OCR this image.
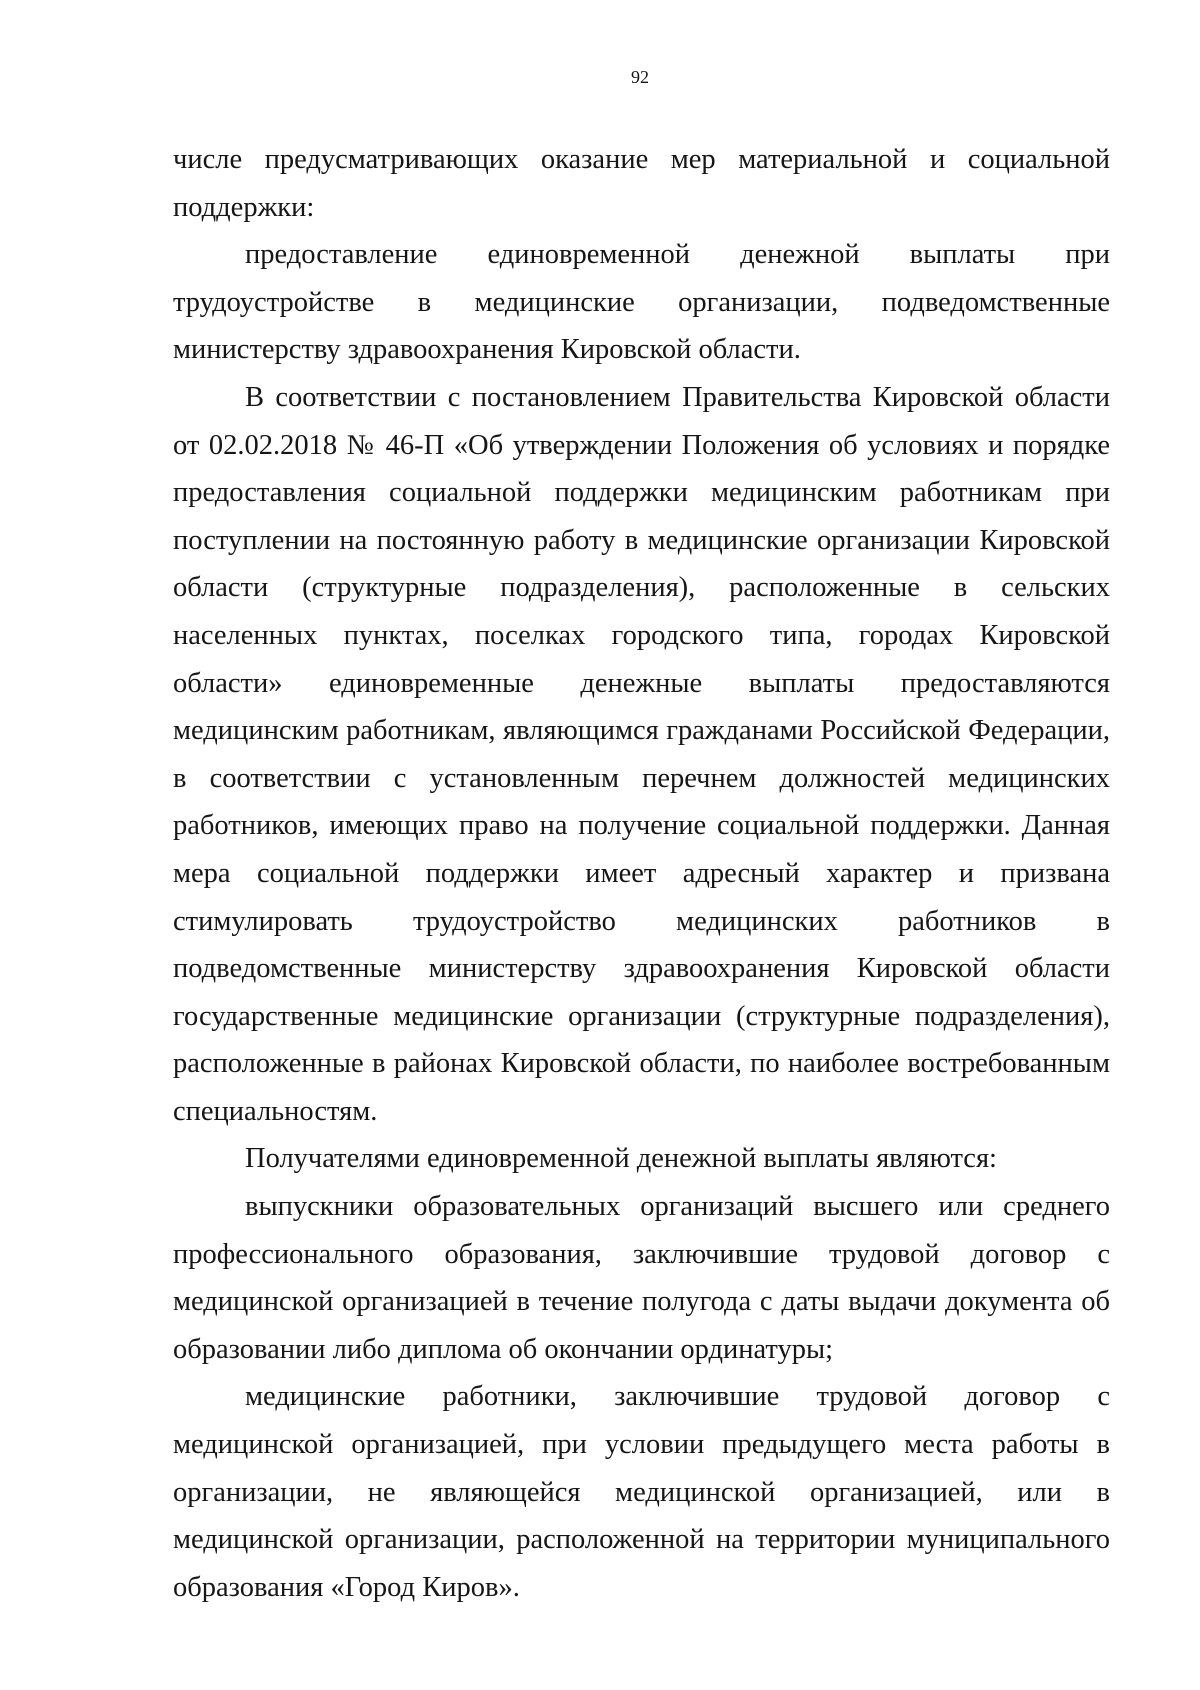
92

числе предусматривающих оказание мер материальной и социальной поддержки:

предоставление единовременной денежной выплаты при трудоустройстве в медицинские организации, подведомственные министерству здравоохранения Кировской области.

В соответствии с постановлением Правительства Кировской области от 02.02.2018 № 46-П «Об утверждении Положения об условиях и порядке предоставления социальной поддержки медицинским работникам при поступлении на постоянную работу в медицинские организации Кировской области (структурные подразделения), расположенные в сельских населенных пунктах, поселках городского типа, городах Кировской области» единовременные денежные выплаты предоставляются медицинским работникам, являющимся гражданами Российской Федерации, в соответствии с установленным перечнем должностей медицинских работников, имеющих право на получение социальной поддержки. Данная мера социальной поддержки имеет адресный характер и призвана стимулировать трудоустройство медицинских работников в подведомственные министерству здравоохранения Кировской области государственные медицинские организации (структурные подразделения), расположенные в районах Кировской области, по наиболее востребованным специальностям.

Получателями единовременной денежной выплаты являются:

выпускники образовательных организаций высшего или среднего профессионального образования, заключившие трудовой договор с медицинской организацией в течение полугода с даты выдачи документа об образовании либо диплома об окончании ординатуры;

медицинские работники, заключившие трудовой договор с медицинской организацией, при условии предыдущего места работы в организации, не являющейся медицинской организацией, или в медицинской организации, расположенной на территории муниципального образования «Город Киров».
